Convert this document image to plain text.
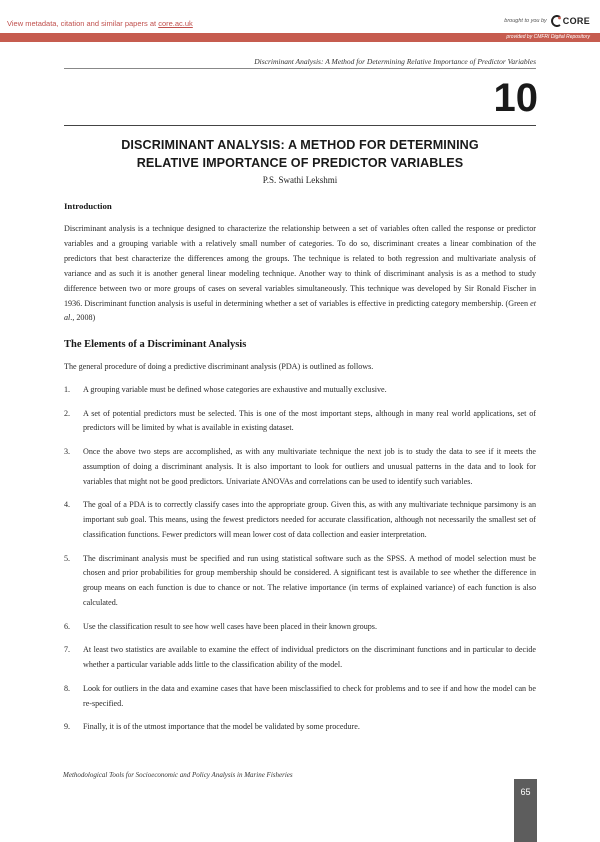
View metadata, citation and similar papers at core.ac.uk	brought to you by CORE
provided by CMFRI Digital Repository
Discriminant Analysis: A Method for Determining Relative Importance of Predictor Variables
10
DISCRIMINANT ANALYSIS: A METHOD FOR DETERMINING
RELATIVE IMPORTANCE OF PREDICTOR VARIABLES
P.S. Swathi Lekshmi
Introduction

Discriminant analysis is a technique designed to characterize the relationship between a set of variables often called the response or predictor variables and a grouping variable with a relatively small number of categories. To do so, discriminant creates a linear combination of the predictors that best characterize the differences among the groups. The technique is related to both regression and multivariate analysis of variance and as such it is another general linear modeling technique. Another way to think of discriminant analysis is as a method to study difference between two or more groups of cases on several variables simultaneously. This technique was developed by Sir Ronald Fischer in 1936. Discriminant function analysis is useful in determining whether a set of variables is effective in predicting category membership. (Green et al., 2008)

The Elements of a Discriminant Analysis

The general procedure of doing a predictive discriminant analysis (PDA) is outlined as follows.

1. A grouping variable must be defined whose categories are exhaustive and mutually exclusive.
2. A set of potential predictors must be selected. This is one of the most important steps, although in many real world applications, set of predictors will be limited by what is available in existing dataset.
3. Once the above two steps are accomplished, as with any multivariate technique the next job is to study the data to see if it meets the assumption of doing a discriminant analysis. It is also important to look for outliers and unusual patterns in the data and to look for variables that might not be good predictors. Univariate ANOVAs and correlations can be used to identify such variables.
4. The goal of a PDA is to correctly classify cases into the appropriate group. Given this, as with any multivariate technique parsimony is an important sub goal. This means, using the fewest predictors needed for accurate classification, although not necessarily the smallest set of classification functions. Fewer predictors will mean lower cost of data collection and easier interpretation.
5. The discriminant analysis must be specified and run using statistical software such as the SPSS. A method of model selection must be chosen and prior probabilities for group membership should be considered. A significant test is available to see whether the difference in group means on each function is due to chance or not. The relative importance (in terms of explained variance) of each function is also calculated.
6. Use the classification result to see how well cases have been placed in their known groups.
7. At least two statistics are available to examine the effect of individual predictors on the discriminant functions and in particular to decide whether a particular variable adds little to the classification ability of the model.
8. Look for outliers in the data and examine cases that have been misclassified to check for problems and to see if and how the model can be re-specified.
9. Finally, it is of the utmost importance that the model be validated by some procedure.
Methodological Tools for Socioeconomic and Policy Analysis in Marine Fisheries
65
